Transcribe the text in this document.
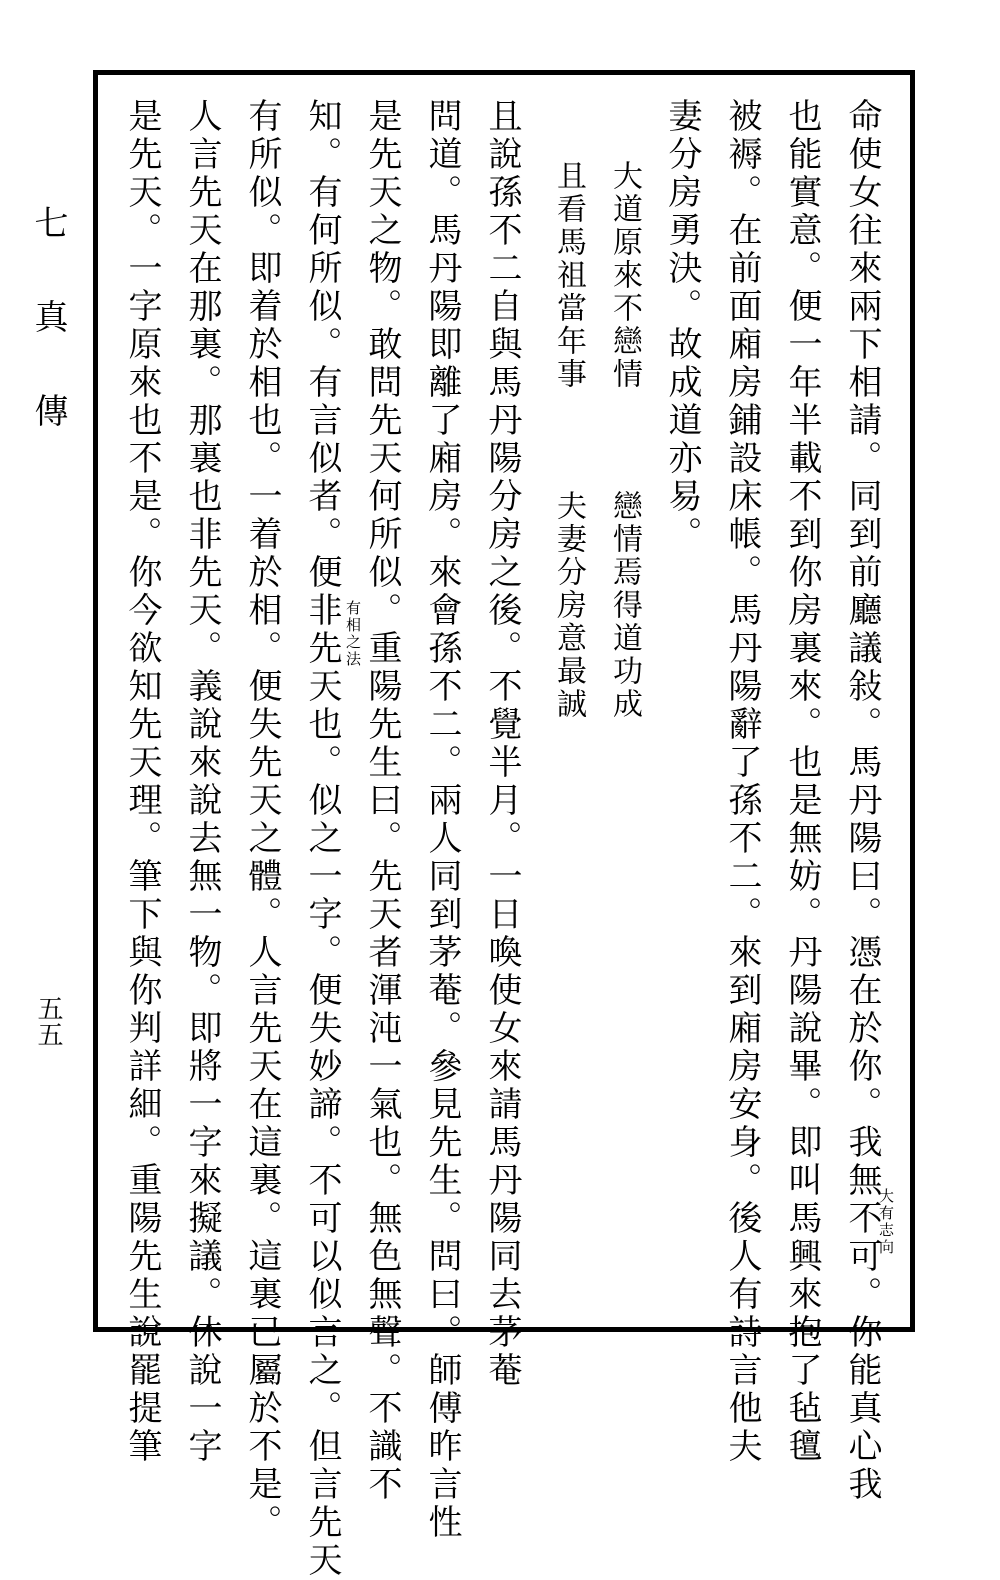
七真傳
五五	命使女往來兩下相請。同到前廳議敍。馬丹陽曰。憑在於你。我無不可。你能真心我
也能實意。便一年半載不到你房裏來。也是無妨。丹陽說畢。即叫馬興來抱了毡氊
被褥。在前面廂房鋪設床帳。馬丹陽辭了孫不二。來到廂房安身。後人有詩言他夫
妻分房勇決。故成道亦易。
大道原來不戀情　　　戀情焉得道功成
且看馬祖當年事　　　夫妻分房意最誠
且說孫不二自與馬丹陽分房之後。不覺半月。一日喚使女來請馬丹陽同去茅菴
問道。馬丹陽即離了廂房。來會孫不二。兩人同到茅菴。參見先生。問曰。師傅昨言性
是先天之物。敢問先天何所似。重陽先生曰。先天者渾沌一氣也。無色無聲。不識不
知。有何所似。有言似者。便非先天也。似之一字。便失妙諦。不可以似言之。但言先天
有所似。即着於相也。一着於相。便失先天之體。人言先天在這裏。這裏已屬於不是。
人言先天在那裏。那裏也非先天。義說來說去無一物。即將一字來擬議。休說一字
是先天。一字原來也不是。你今欲知先天理。筆下與你判詳細。重陽先生說罷提筆	大有志向
有相之法
